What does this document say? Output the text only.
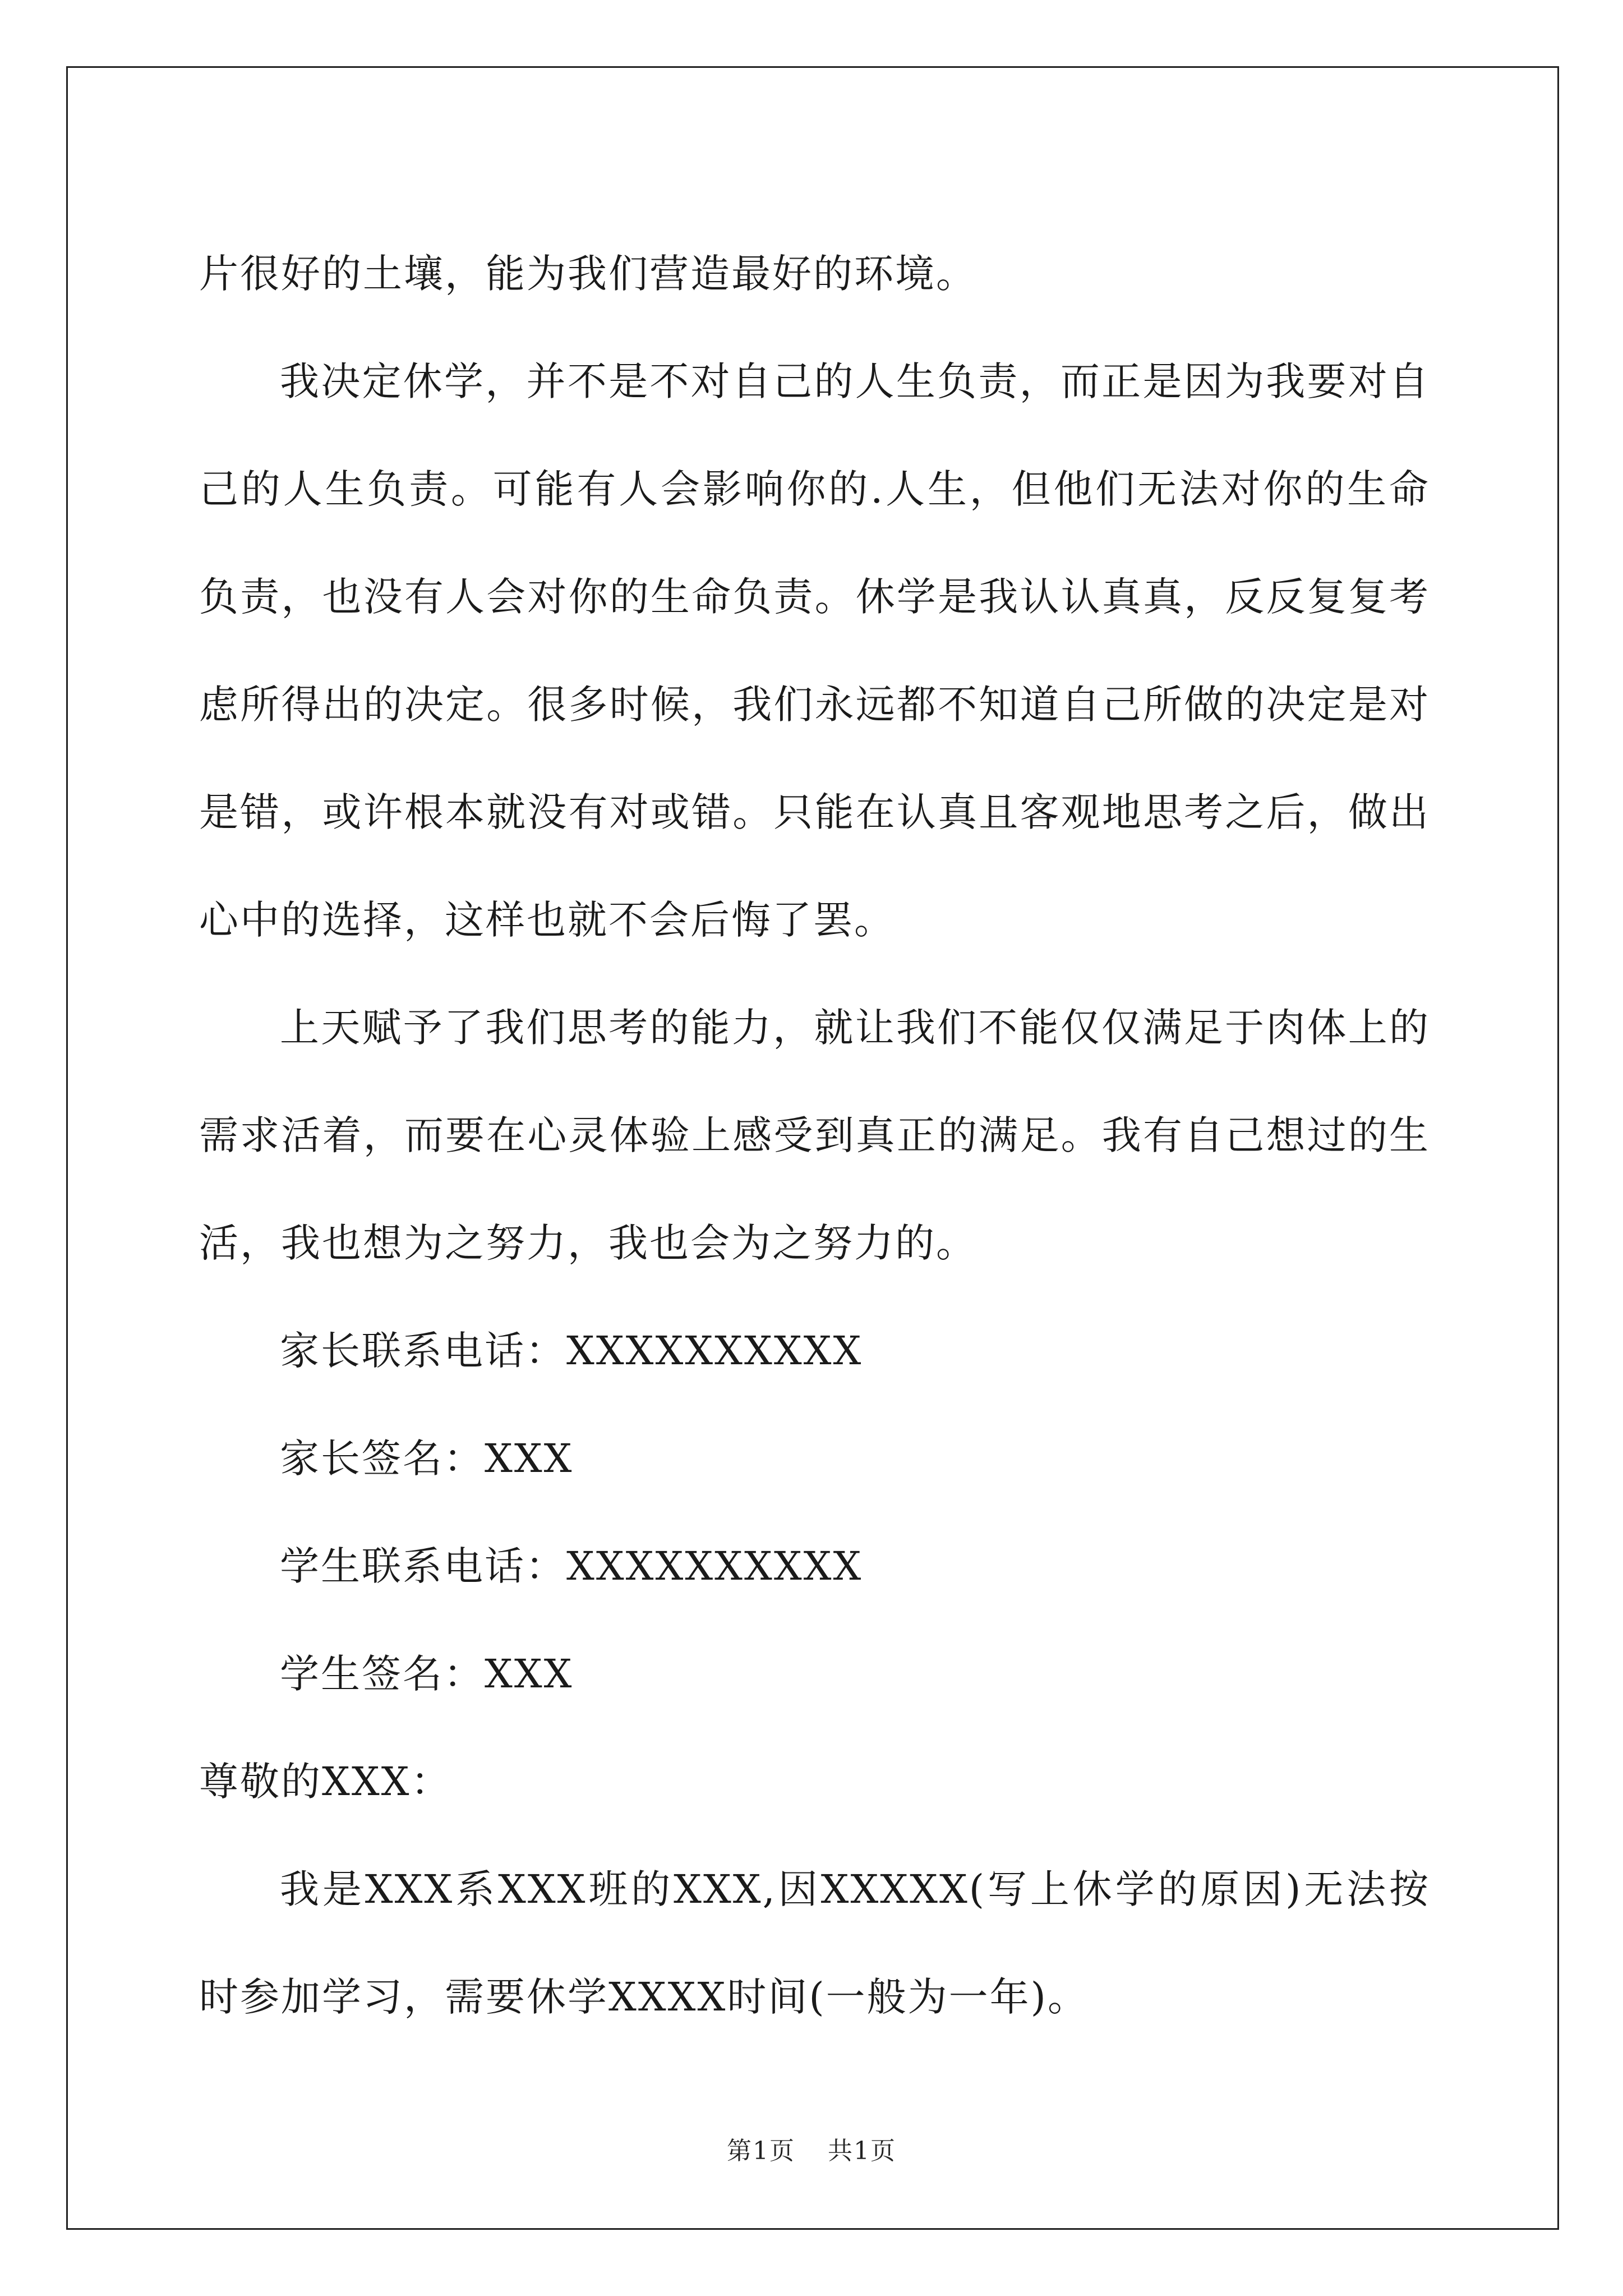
片很好的土壤，能为我们营造最好的环境。

我决定休学，并不是不对自己的人生负责，而正是因为我要对自己的人生负责。可能有人会影响你的.人生，但他们无法对你的生命负责，也没有人会对你的生命负责。休学是我认认真真，反反复复考虑所得出的决定。很多时候，我们永远都不知道自己所做的决定是对是错，或许根本就没有对或错。只能在认真且客观地思考之后，做出心中的选择，这样也就不会后悔了罢。

上天赋予了我们思考的能力，就让我们不能仅仅满足于肉体上的需求活着，而要在心灵体验上感受到真正的满足。我有自己想过的生活，我也想为之努力，我也会为之努力的。

家长联系电话：XXXXXXXXXX

家长签名：XXX

学生联系电话：XXXXXXXXXX

学生签名：XXX

尊敬的XXX：

我是XXX系XXX班的XXX,因XXXXX(写上休学的原因)无法按时参加学习，需要休学XXXX时间(一般为一年)。

第1页 共1页
